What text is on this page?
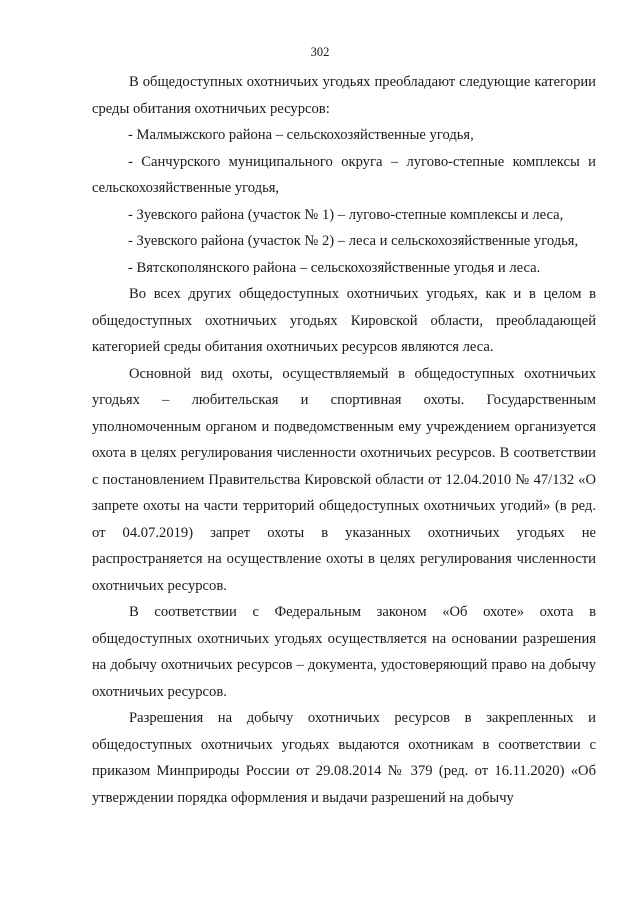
302

В общедоступных охотничьих угодьях преобладают следующие категории среды обитания охотничьих ресурсов:

- Малмыжского района – сельскохозяйственные угодья,

- Санчурского муниципального округа – лугово-степные комплексы и сельскохозяйственные угодья,

- Зуевского района (участок № 1) – лугово-степные комплексы и леса,

- Зуевского района (участок № 2) – леса и сельскохозяйственные угодья,

- Вятскополянского района – сельскохозяйственные угодья и леса.

Во всех других общедоступных охотничьих угодьях, как и в целом в общедоступных охотничьих угодьях Кировской области, преобладающей категорией среды обитания охотничьих ресурсов являются леса.

Основной вид охоты, осуществляемый в общедоступных охотничьих угодьях – любительская и спортивная охоты. Государственным уполномоченным органом и подведомственным ему учреждением организуется охота в целях регулирования численности охотничьих ресурсов. В соответствии с постановлением Правительства Кировской области от 12.04.2010 № 47/132 «О запрете охоты на части территорий общедоступных охотничьих угодий» (в ред. от 04.07.2019) запрет охоты в указанных охотничьих угодьях не распространяется на осуществление охоты в целях регулирования численности охотничьих ресурсов.

В соответствии с Федеральным законом «Об охоте» охота в общедоступных охотничьих угодьях осуществляется на основании разрешения на добычу охотничьих ресурсов – документа, удостоверяющий право на добычу охотничьих ресурсов.

Разрешения на добычу охотничьих ресурсов в закрепленных и общедоступных охотничьих угодьях выдаются охотникам в соответствии с приказом Минприроды России от 29.08.2014 № 379 (ред. от 16.11.2020) «Об утверждении порядка оформления и выдачи разрешений на добычу
